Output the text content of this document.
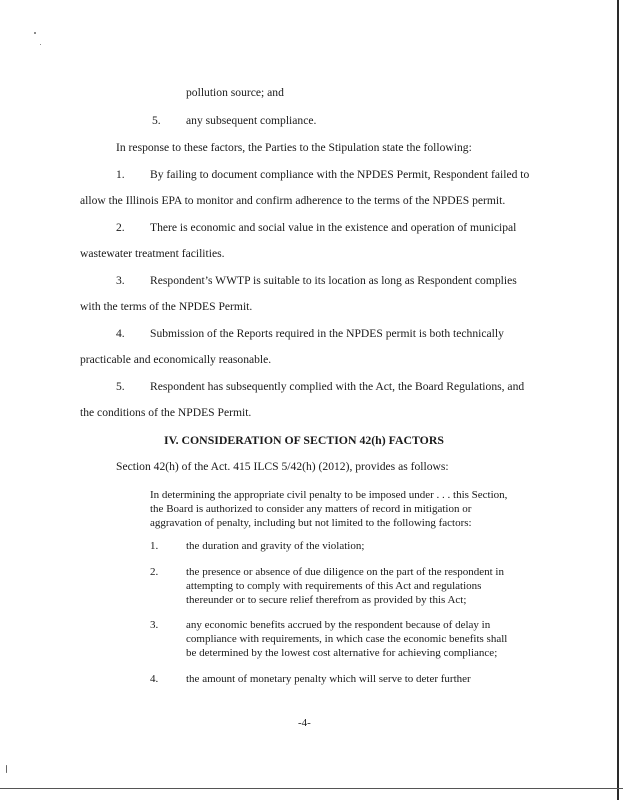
pollution source; and
5. any subsequent compliance.
In response to these factors, the Parties to the Stipulation state the following:
1. By failing to document compliance with the NPDES Permit, Respondent failed to
allow the Illinois EPA to monitor and confirm adherence to the terms of the NPDES permit.
2. There is economic and social value in the existence and operation of municipal
wastewater treatment facilities.
3. Respondent’s WWTP is suitable to its location as long as Respondent complies
with the terms of the NPDES Permit.
4. Submission of the Reports required in the NPDES permit is both technically
practicable and economically reasonable.
5. Respondent has subsequently complied with the Act, the Board Regulations, and
the conditions of the NPDES Permit.
IV. CONSIDERATION OF SECTION 42(h) FACTORS
Section 42(h) of the Act. 415 ILCS 5/42(h) (2012), provides as follows:
In determining the appropriate civil penalty to be imposed under . . . this Section,
the Board is authorized to consider any matters of record in mitigation or
aggravation of penalty, including but not limited to the following factors:
1.	the duration and gravity of the violation;
2.	the presence or absence of due diligence on the part of the respondent in
attempting to comply with requirements of this Act and regulations
thereunder or to secure relief therefrom as provided by this Act;
3.	any economic benefits accrued by the respondent because of delay in
compliance with requirements, in which case the economic benefits shall
be determined by the lowest cost alternative for achieving compliance;
4.	the amount of monetary penalty which will serve to deter further
-4-
